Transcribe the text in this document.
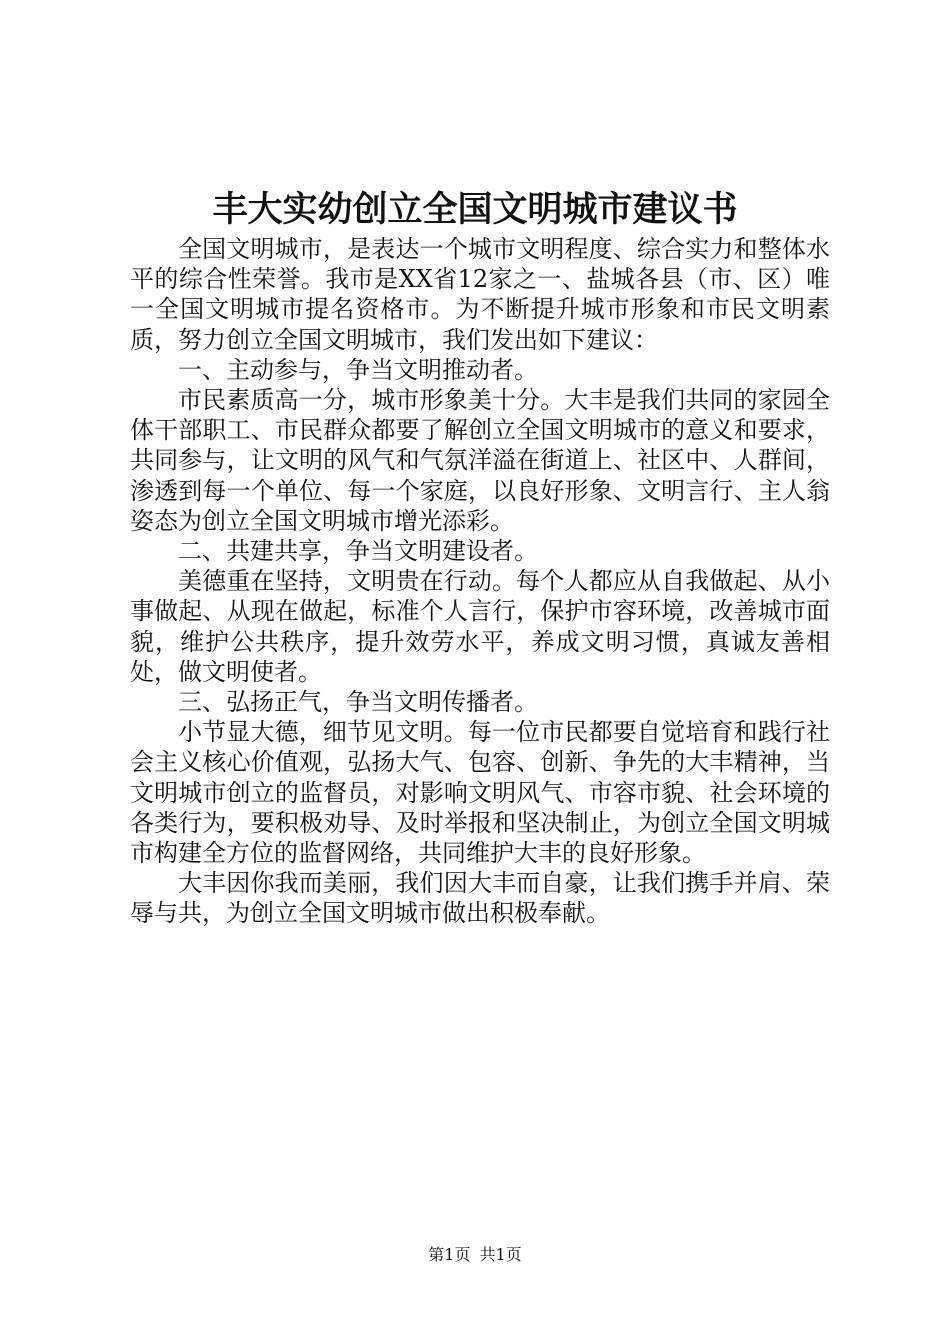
丰大实幼创立全国文明城市建议书

全国文明城市，是表达一个城市文明程度、综合实力和整体水平的综合性荣誉。我市是XX省12家之一、盐城各县（市、区）唯一全国文明城市提名资格市。为不断提升城市形象和市民文明素质，努力创立全国文明城市，我们发出如下建议：

一、主动参与，争当文明推动者。

市民素质高一分，城市形象美十分。大丰是我们共同的家园全体干部职工、市民群众都要了解创立全国文明城市的意义和要求，共同参与，让文明的风气和气氛洋溢在街道上、社区中、人群间，渗透到每一个单位、每一个家庭，以良好形象、文明言行、主人翁姿态为创立全国文明城市增光添彩。

二、共建共享，争当文明建设者。

美德重在坚持，文明贵在行动。每个人都应从自我做起、从小事做起、从现在做起，标准个人言行，保护市容环境，改善城市面貌，维护公共秩序，提升效劳水平，养成文明习惯，真诚友善相处，做文明使者。

三、弘扬正气，争当文明传播者。

小节显大德，细节见文明。每一位市民都要自觉培育和践行社会主义核心价值观，弘扬大气、包容、创新、争先的大丰精神，当文明城市创立的监督员，对影响文明风气、市容市貌、社会环境的各类行为，要积极劝导、及时举报和坚决制止，为创立全国文明城市构建全方位的监督网络，共同维护大丰的良好形象。

大丰因你我而美丽，我们因大丰而自豪，让我们携手并肩、荣辱与共，为创立全国文明城市做出积极奉献。

第1页 共1页
